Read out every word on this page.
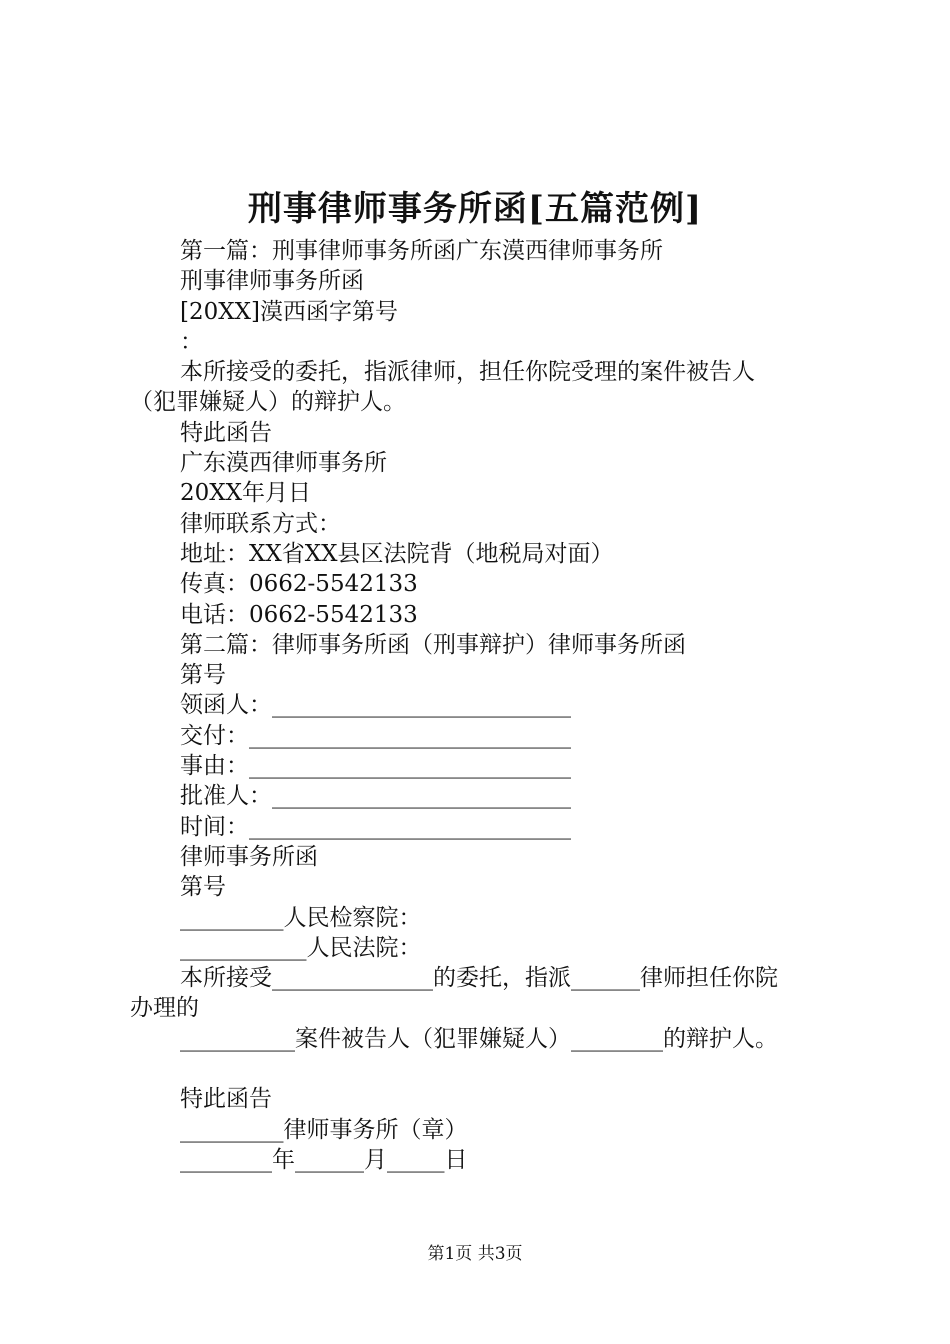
刑事律师事务所函[五篇范例]
第一篇：刑事律师事务所函广东漠西律师事务所
刑事律师事务所函
[20XX]漠西函字第号
：
本所接受的委托，指派律师，担任你院受理的案件被告人
（犯罪嫌疑人）的辩护人。
特此函告
广东漠西律师事务所
20XX年月日
律师联系方式：
地址：XX省XX县区法院背（地税局对面）
传真：0662-5542133
电话：0662-5542133
第二篇：律师事务所函（刑事辩护）律师事务所函
第号
领函人：__________________________
交付：____________________________
事由：____________________________
批准人：__________________________
时间：____________________________
律师事务所函
第号
_________人民检察院：
___________人民法院：
本所接受______________的委托，指派______律师担任你院
办理的
__________案件被告人（犯罪嫌疑人）________的辩护人。
特此函告
_________律师事务所（章）
________年______月_____日
第1页 共3页
